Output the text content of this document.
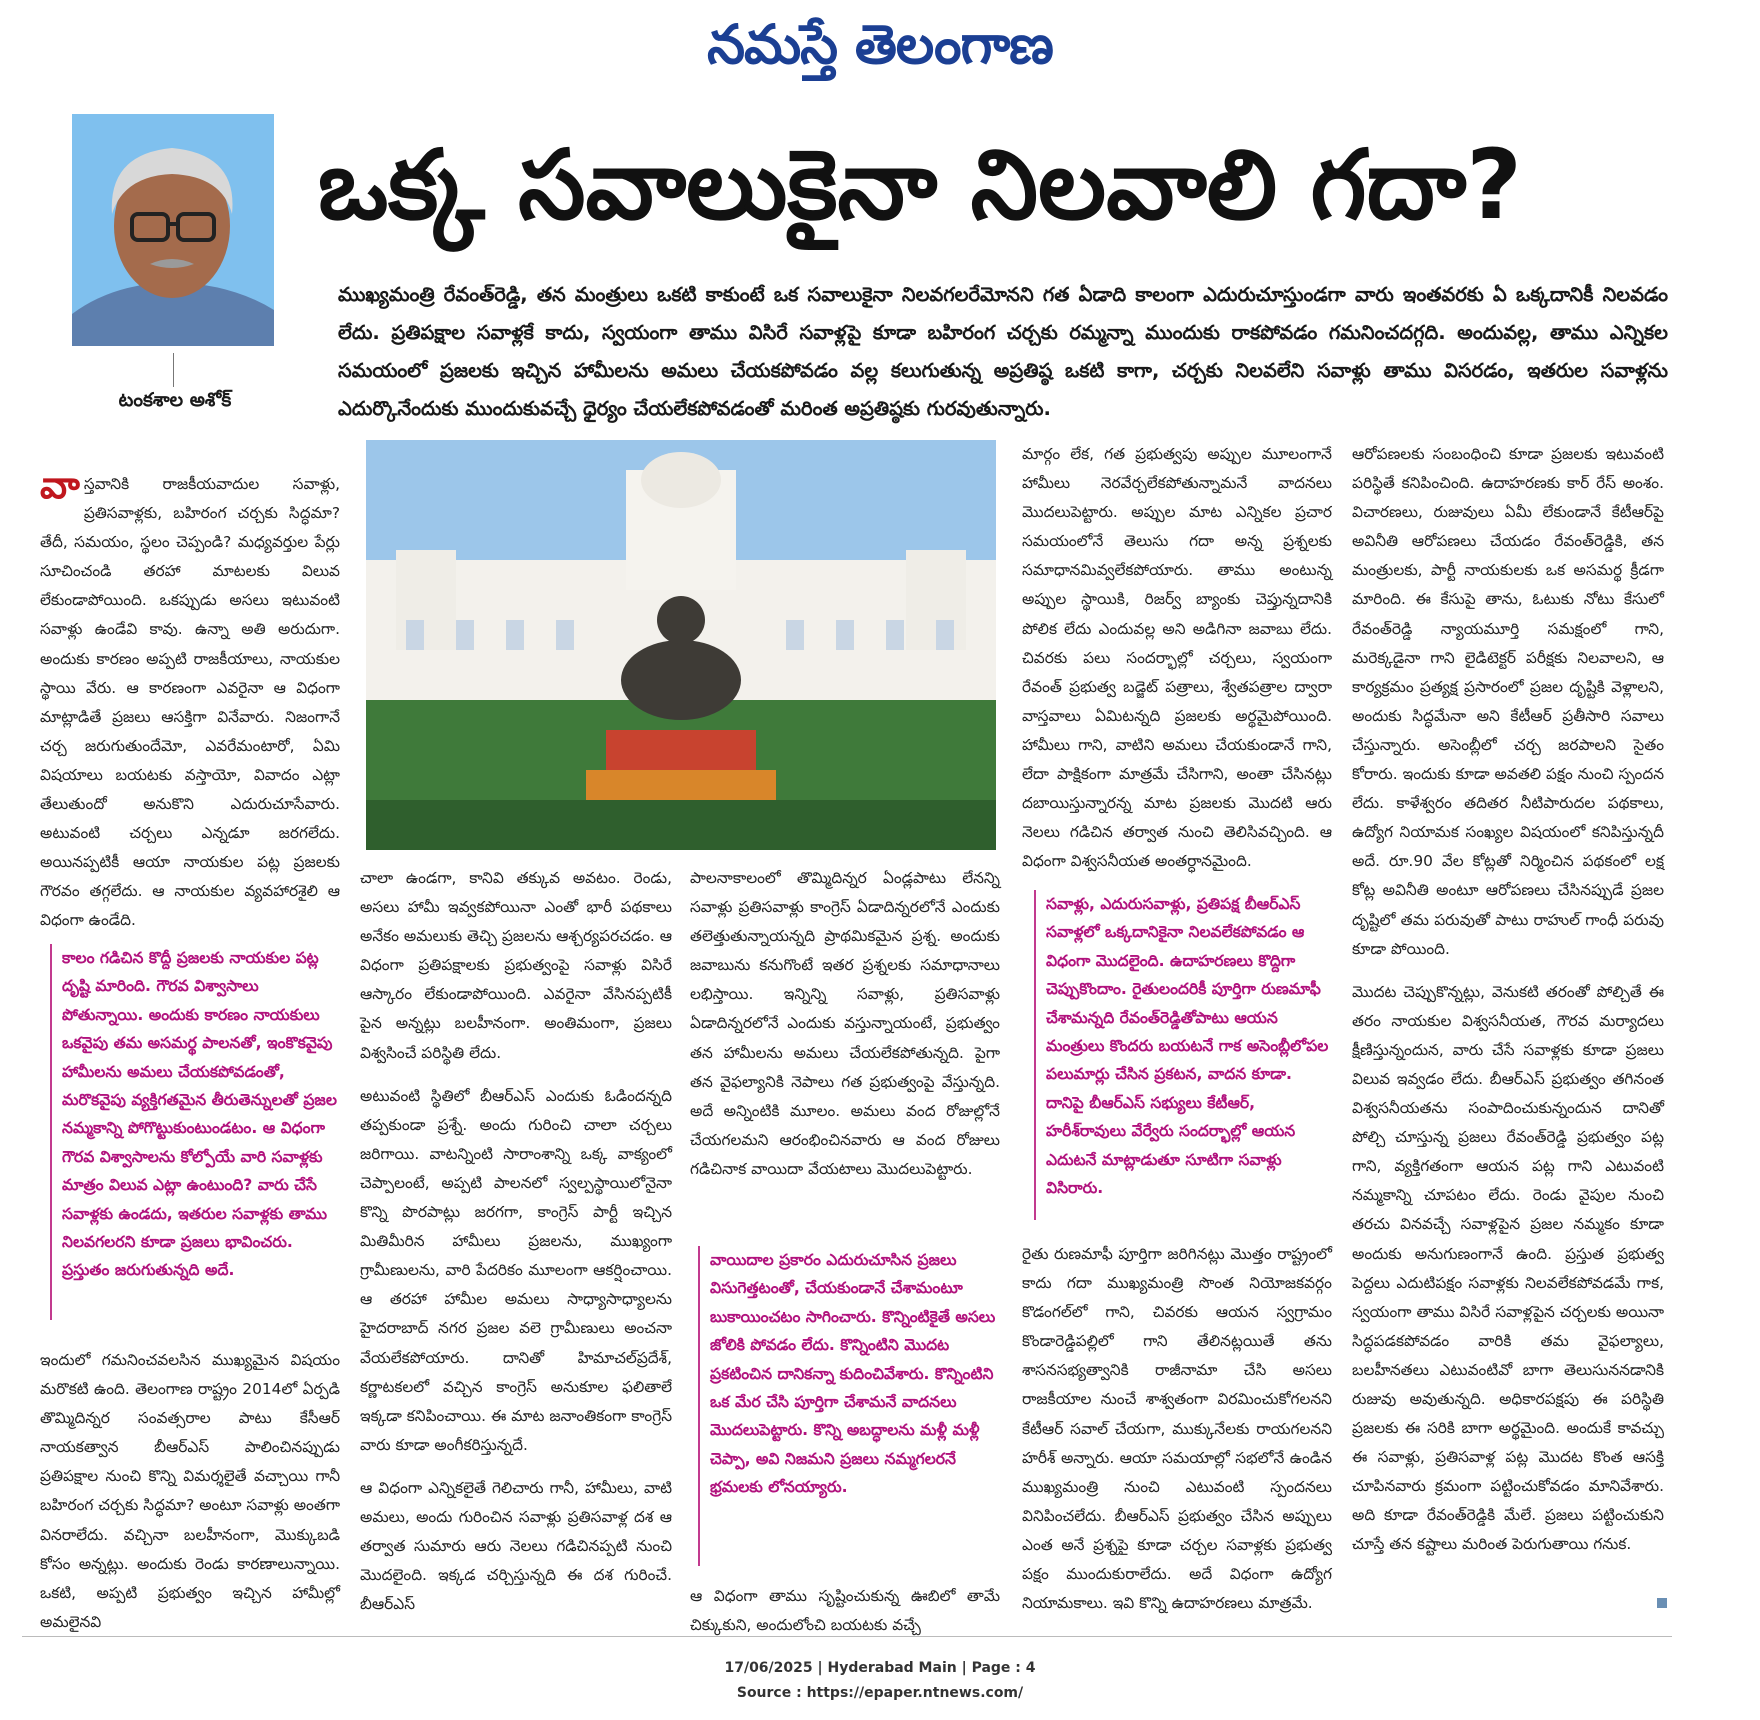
నమస్తే తెలంగాణ
టంకశాల అశోక్
ఒక్క సవాలుకైనా నిలవాలి గదా?
ముఖ్యమంత్రి రేవంత్‌రెడ్డి, తన మంత్రులు ఒకటి కాకుంటే ఒక సవాలుకైనా నిలవగలరేమోనని గత ఏడాది కాలంగా ఎదురుచూస్తుండగా వారు ఇంతవరకు ఏ ఒక్కదానికీ నిలవడం లేదు. ప్రతిపక్షాల సవాళ్లకే కాదు, స్వయంగా తాము విసిరే సవాళ్లపై కూడా బహిరంగ చర్చకు రమ్మన్నా ముందుకు రాకపోవడం గమనించదగ్గది. అందువల్ల, తాము ఎన్నికల సమయంలో ప్రజలకు ఇచ్చిన హామీలను అమలు చేయకపోవడం వల్ల కలుగుతున్న అప్రతిష్ఠ ఒకటి కాగా, చర్చకు నిలవలేని సవాళ్లు తాము విసరడం, ఇతరుల సవాళ్లను ఎదుర్కొనేందుకు ముందుకువచ్చే ధైర్యం చేయలేకపోవడంతో మరింత అప్రతిష్ఠకు గురవుతున్నారు.

వాస్తవానికి రాజకీయవాదుల సవాళ్లు, ప్రతిసవాళ్లకు, బహిరంగ చర్చకు సిద్ధమా? తేదీ, సమయం, స్థలం చెప్పండి? మధ్యవర్తుల పేర్లు సూచించండి తరహా మాటలకు విలువ లేకుండాపోయింది. ఒకప్పుడు అసలు ఇటువంటి సవాళ్లు ఉండేవి కావు. ఉన్నా అతి అరుదుగా. అందుకు కారణం అప్పటి రాజకీయాలు, నాయకుల స్థాయి వేరు. ఆ కారణంగా ఎవరైనా ఆ విధంగా మాట్లాడితే ప్రజలు ఆసక్తిగా వినేవారు. నిజంగానే చర్చ జరుగుతుందేమో, ఎవరేమంటారో, ఏమి విషయాలు బయటకు వస్తాయో, వివాదం ఎట్లా తేలుతుందో అనుకొని ఎదురుచూసేవారు. అటువంటి చర్చలు ఎన్నడూ జరగలేదు. అయినప్పటికీ ఆయా నాయకుల పట్ల ప్రజలకు గౌరవం తగ్గలేదు. ఆ నాయకుల వ్యవహారశైలి ఆ విధంగా ఉండేది.

కాలం గడిచిన కొద్దీ ప్రజలకు నాయకుల పట్ల దృష్టి మారింది. గౌరవ విశ్వాసాలు పోతున్నాయి. అందుకు కారణం నాయకులు ఒకవైపు తమ అసమర్థ పాలనతో, ఇంకొకవైపు హామీలను అమలు చేయకపోవడంతో, మరొకవైపు వ్యక్తిగతమైన తీరుతెన్నులతో ప్రజల నమ్మకాన్ని పోగొట్టుకుంటుండటం. ఆ విధంగా గౌరవ విశ్వాసాలను కోల్పోయే వారి సవాళ్లకు మాత్రం విలువ ఎట్లా ఉంటుంది? వారు చేసే సవాళ్లకు ఉండదు, ఇతరుల సవాళ్లకు తాము నిలవగలరని కూడా ప్రజలు భావించరు. ప్రస్తుతం జరుగుతున్నది అదే.

ఇందులో గమనించవలసిన ముఖ్యమైన విషయం మరొకటి ఉంది. తెలంగాణ రాష్ట్రం 2014లో ఏర్పడి తొమ్మిదిన్నర సంవత్సరాల పాటు కేసీఆర్ నాయకత్వాన బీఆర్‌ఎస్ పాలించినప్పుడు ప్రతిపక్షాల నుంచి కొన్ని విమర్శలైతే వచ్చాయి గానీ బహిరంగ చర్చకు సిద్ధమా? అంటూ సవాళ్లు అంతగా వినరాలేదు. వచ్చినా బలహీనంగా, మొక్కుబడి కోసం అన్నట్లు. అందుకు రెండు కారణాలున్నాయి. ఒకటి, అప్పటి ప్రభుత్వం ఇచ్చిన హామీల్లో అమలైనవి

చాలా ఉండగా, కానివి తక్కువ అవటం. రెండు, అసలు హామీ ఇవ్వకపోయినా ఎంతో భారీ పథకాలు అనేకం అమలుకు తెచ్చి ప్రజలను ఆశ్చర్యపరచడం. ఆ విధంగా ప్రతిపక్షాలకు ప్రభుత్వంపై సవాళ్లు విసిరే ఆస్కారం లేకుండాపోయింది. ఎవరైనా వేసినప్పటికీ పైన అన్నట్లు బలహీనంగా. అంతిమంగా, ప్రజలు విశ్వసించే పరిస్థితి లేదు.

అటువంటి స్థితిలో బీఆర్‌ఎస్ ఎందుకు ఓడిందన్నది తప్పకుండా ప్రశ్నే. అందు గురించి చాలా చర్చలు జరిగాయి. వాటన్నింటి సారాంశాన్ని ఒక్క వాక్యంలో చెప్పాలంటే, అప్పటి పాలనలో స్వల్పస్థాయిలోనైనా కొన్ని పొరపాట్లు జరగగా, కాంగ్రెస్ పార్టీ ఇచ్చిన మితిమీరిన హామీలు ప్రజలను, ముఖ్యంగా గ్రామీణులను, వారి పేదరికం మూలంగా ఆకర్షించాయి. ఆ తరహా హామీల అమలు సాధ్యాసాధ్యాలను హైదరాబాద్ నగర ప్రజల వలె గ్రామీణులు అంచనా వేయలేకపోయారు. దానితో హిమాచల్‌ప్రదేశ్, కర్ణాటకలలో వచ్చిన కాంగ్రెస్ అనుకూల ఫలితాలే ఇక్కడా కనిపించాయి. ఈ మాట జనాంతికంగా కాంగ్రెస్ వారు కూడా అంగీకరిస్తున్నదే.

ఆ విధంగా ఎన్నికలైతే గెలిచారు గానీ, హామీలు, వాటి అమలు, అందు గురించిన సవాళ్లు ప్రతిసవాళ్ల దశ ఆ తర్వాత సుమారు ఆరు నెలలు గడిచినప్పటి నుంచి మొదలైంది. ఇక్కడ చర్చిస్తున్నది ఈ దశ గురించే. బీఆర్‌ఎస్

పాలనాకాలంలో తొమ్మిదిన్నర ఏండ్లపాటు లేనన్ని సవాళ్లు ప్రతిసవాళ్లు కాంగ్రెస్ ఏడాదిన్నరలోనే ఎందుకు తలెత్తుతున్నాయన్నది ప్రాథమికమైన ప్రశ్న. అందుకు జవాబును కనుగొంటే ఇతర ప్రశ్నలకు సమాధానాలు లభిస్తాయి. ఇన్నిన్ని సవాళ్లు, ప్రతిసవాళ్లు ఏడాదిన్నరలోనే ఎందుకు వస్తున్నాయంటే, ప్రభుత్వం తన హామీలను అమలు చేయలేకపోతున్నది. పైగా తన వైఫల్యానికి నెపాలు గత ప్రభుత్వంపై వేస్తున్నది. అదే అన్నింటికి మూలం. అమలు వంద రోజుల్లోనే చేయగలమని ఆరంభించినవారు ఆ వంద రోజులు గడిచినాక వాయిదా వేయటాలు మొదలుపెట్టారు.

వాయిదాల ప్రకారం ఎదురుచూసిన ప్రజలు విసుగెత్తటంతో, చేయకుండానే చేశామంటూ బుకాయించటం సాగించారు. కొన్నింటికైతే అసలు జోలికి పోవడం లేదు. కొన్నింటిని మొదట ప్రకటించిన దానికన్నా కుదించివేశారు. కొన్నింటిని ఒక మేర చేసి పూర్తిగా చేశామనే వాదనలు మొదలుపెట్టారు. కొన్ని అబద్ధాలను మళ్లీ మళ్లీ చెప్పా, అవి నిజమని ప్రజలు నమ్మగలరనే భ్రమలకు లోనయ్యారు.

ఆ విధంగా తాము సృష్టించుకున్న ఊబిలో తామే చిక్కుకుని, అందులోంచి బయటకు వచ్చే

మార్గం లేక, గత ప్రభుత్వపు అప్పుల మూలంగానే హామీలు నెరవేర్చలేకపోతున్నామనే వాదనలు మొదలుపెట్టారు. అప్పుల మాట ఎన్నికల ప్రచార సమయంలోనే తెలుసు గదా అన్న ప్రశ్నలకు సమాధానమివ్వలేకపోయారు. తాము అంటున్న అప్పుల స్థాయికి, రిజర్వ్ బ్యాంకు చెప్తున్నదానికి పోలిక లేదు ఎందువల్ల అని అడిగినా జవాబు లేదు. చివరకు పలు సందర్భాల్లో చర్చలు, స్వయంగా రేవంత్ ప్రభుత్వ బడ్జెట్ పత్రాలు, శ్వేతపత్రాల ద్వారా వాస్తవాలు ఏమిటన్నది ప్రజలకు అర్థమైపోయింది. హామీలు గాని, వాటిని అమలు చేయకుండానే గాని, లేదా పాక్షికంగా మాత్రమే చేసిగాని, అంతా చేసినట్లు దబాయిస్తున్నారన్న మాట ప్రజలకు మొదటి ఆరు నెలలు గడిచిన తర్వాత నుంచి తెలిసివచ్చింది. ఆ విధంగా విశ్వసనీయత అంతర్ధానమైంది.

సవాళ్లు, ఎదురుసవాళ్లు, ప్రతిపక్ష బీఆర్‌ఎస్ సవాళ్లలో ఒక్కదానికైనా నిలవలేకపోవడం ఆ విధంగా మొదలైంది. ఉదాహరణలు కొద్దిగా చెప్పుకొందాం. రైతులందరికీ పూర్తిగా రుణమాఫీ చేశామన్నది రేవంత్‌రెడ్డితోపాటు ఆయన మంత్రులు కొందరు బయటనే గాక అసెంబ్లీలోపల పలుమార్లు చేసిన ప్రకటన, వాదన కూడా. దానిపై బీఆర్‌ఎస్ సభ్యులు కేటీఆర్, హరీశ్‌రావులు వేర్వేరు సందర్భాల్లో ఆయన ఎదుటనే మాట్లాడుతూ సూటిగా సవాళ్లు విసిరారు.

రైతు రుణమాఫీ పూర్తిగా జరిగినట్లు మొత్తం రాష్ట్రంలో కాదు గదా ముఖ్యమంత్రి సొంత నియోజకవర్గం కొడంగల్‌లో గాని, చివరకు ఆయన స్వగ్రామం కొండారెడ్డిపల్లిలో గాని తేలినట్లయితే తను శాసనసభ్యత్వానికి రాజీనామా చేసి అసలు రాజకీయాల నుంచే శాశ్వతంగా విరమించుకోగలనని కేటీఆర్ సవాల్ చేయగా, ముక్కునేలకు రాయగలనని హరీశ్ అన్నారు. ఆయా సమయాల్లో సభలోనే ఉండిన ముఖ్యమంత్రి నుంచి ఎటువంటి స్పందనలు వినిపించలేదు. బీఆర్‌ఎస్ ప్రభుత్వం చేసిన అప్పులు ఎంత అనే ప్రశ్నపై కూడా చర్చల సవాళ్లకు ప్రభుత్వ పక్షం ముందుకురాలేదు. అదే విధంగా ఉద్యోగ నియామకాలు. ఇవి కొన్ని ఉదాహరణలు మాత్రమే.

ఆరోపణలకు సంబంధించి కూడా ప్రజలకు ఇటువంటి పరిస్థితే కనిపించింది. ఉదాహరణకు కార్ రేస్ అంశం. విచారణలు, రుజువులు ఏమీ లేకుండానే కేటీఆర్‌పై అవినీతి ఆరోపణలు చేయడం రేవంత్‌రెడ్డికి, తన మంత్రులకు, పార్టీ నాయకులకు ఒక అసమర్థ క్రీడగా మారింది. ఈ కేసుపై తాను, ఓటుకు నోటు కేసులో రేవంత్‌రెడ్డి న్యాయమూర్తి సమక్షంలో గాని, మరెక్కడైనా గాని లైడిటెక్టర్ పరీక్షకు నిలవాలని, ఆ కార్యక్రమం ప్రత్యక్ష ప్రసారంలో ప్రజల దృష్టికి వెళ్లాలని, అందుకు సిద్ధమేనా అని కేటీఆర్ ప్రతీసారి సవాలు చేస్తున్నారు. అసెంబ్లీలో చర్చ జరపాలని సైతం కోరారు. ఇందుకు కూడా అవతలి పక్షం నుంచి స్పందన లేదు. కాళేశ్వరం తదితర నీటిపారుదల పథకాలు, ఉద్యోగ నియామక సంఖ్యల విషయంలో కనిపిస్తున్నదీ అదే. రూ.90 వేల కోట్లతో నిర్మించిన పథకంలో లక్ష కోట్ల అవినీతి అంటూ ఆరోపణలు చేసినప్పుడే ప్రజల దృష్టిలో తమ పరువుతో పాటు రాహుల్ గాంధీ పరువు కూడా పోయింది.

మొదట చెప్పుకొన్నట్లు, వెనుకటి తరంతో పోల్చితే ఈ తరం నాయకుల విశ్వసనీయత, గౌరవ మర్యాదలు క్షీణిస్తున్నందున, వారు చేసే సవాళ్లకు కూడా ప్రజలు విలువ ఇవ్వడం లేదు. బీఆర్‌ఎస్ ప్రభుత్వం తగినంత విశ్వసనీయతను సంపాదించుకున్నందున దానితో పోల్చి చూస్తున్న ప్రజలు రేవంత్‌రెడ్డి ప్రభుత్వం పట్ల గాని, వ్యక్తిగతంగా ఆయన పట్ల గాని ఎటువంటి నమ్మకాన్ని చూపటం లేదు. రెండు వైపుల నుంచి తరచు వినవచ్చే సవాళ్లపైన ప్రజల నమ్మకం కూడా అందుకు అనుగుణంగానే ఉంది. ప్రస్తుత ప్రభుత్వ పెద్దలు ఎదుటిపక్షం సవాళ్లకు నిలవలేకపోవడమే గాక, స్వయంగా తాము విసిరే సవాళ్లపైన చర్చలకు అయినా సిద్ధపడకపోవడం వారికి తమ వైఫల్యాలు, బలహీనతలు ఎటువంటివో బాగా తెలుసుననడానికి రుజువు అవుతున్నది. అధికారపక్షపు ఈ పరిస్థితి ప్రజలకు ఈ సరికి బాగా అర్థమైంది. అందుకే కావచ్చు ఈ సవాళ్లు, ప్రతిసవాళ్ల పట్ల మొదట కొంత ఆసక్తి చూపినవారు క్రమంగా పట్టించుకోవడం మానివేశారు. అది కూడా రేవంత్‌రెడ్డికి మేలే. ప్రజలు పట్టించుకుని చూస్తే తన కష్టాలు మరింత పెరుగుతాయి గనుక.

17/06/2025 | Hyderabad Main | Page : 4
Source : https://epaper.ntnews.com/
